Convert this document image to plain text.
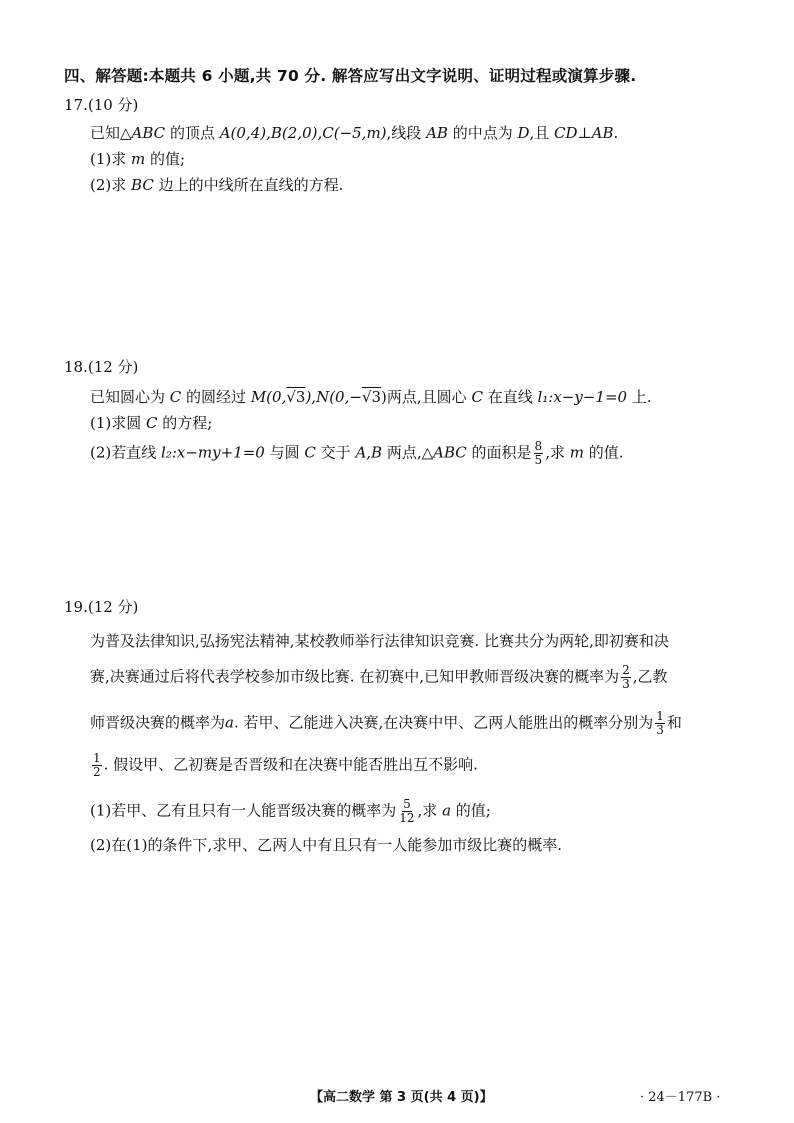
四、解答题:本题共 6 小题,共 70 分. 解答应写出文字说明、证明过程或演算步骤.
17.(10 分)
已知△ABC 的顶点 A(0,4),B(2,0),C(−5,m),线段 AB 的中点为 D,且 CD⊥AB.
(1)求 m 的值;
(2)求 BC 边上的中线所在直线的方程.
18.(12 分)
已知圆心为 C 的圆经过 M(0,√3),N(0,−√3)两点,且圆心 C 在直线 l₁:x−y−1=0 上.
(1)求圆 C 的方程;
(2)若直线 l₂:x−my+1=0 与圆 C 交于 A,B 两点,△ABC 的面积是 $\frac{8}{5}$ ,求 m 的值.
19.(12 分)
为普及法律知识,弘扬宪法精神,某校教师举行法律知识竞赛. 比赛共分为两轮,即初赛和决
赛,决赛通过后将代表学校参加市级比赛. 在初赛中,已知甲教师晋级决赛的概率为 $\frac{2}{3}$ ,乙教
师晋级决赛的概率为a. 若甲、乙能进入决赛,在决赛中甲、乙两人能胜出的概率分别为 $\frac{1}{3}$ 和
$\frac{1}{2}$ . 假设甲、乙初赛是否晋级和在决赛中能否胜出互不影响.
(1)若甲、乙有且只有一人能晋级决赛的概率为 $\frac{5}{12}$ ,求 a 的值;
(2)在(1)的条件下,求甲、乙两人中有且只有一人能参加市级比赛的概率.
【高二数学 第 3 页(共 4 页)】	· 24－177B ·
